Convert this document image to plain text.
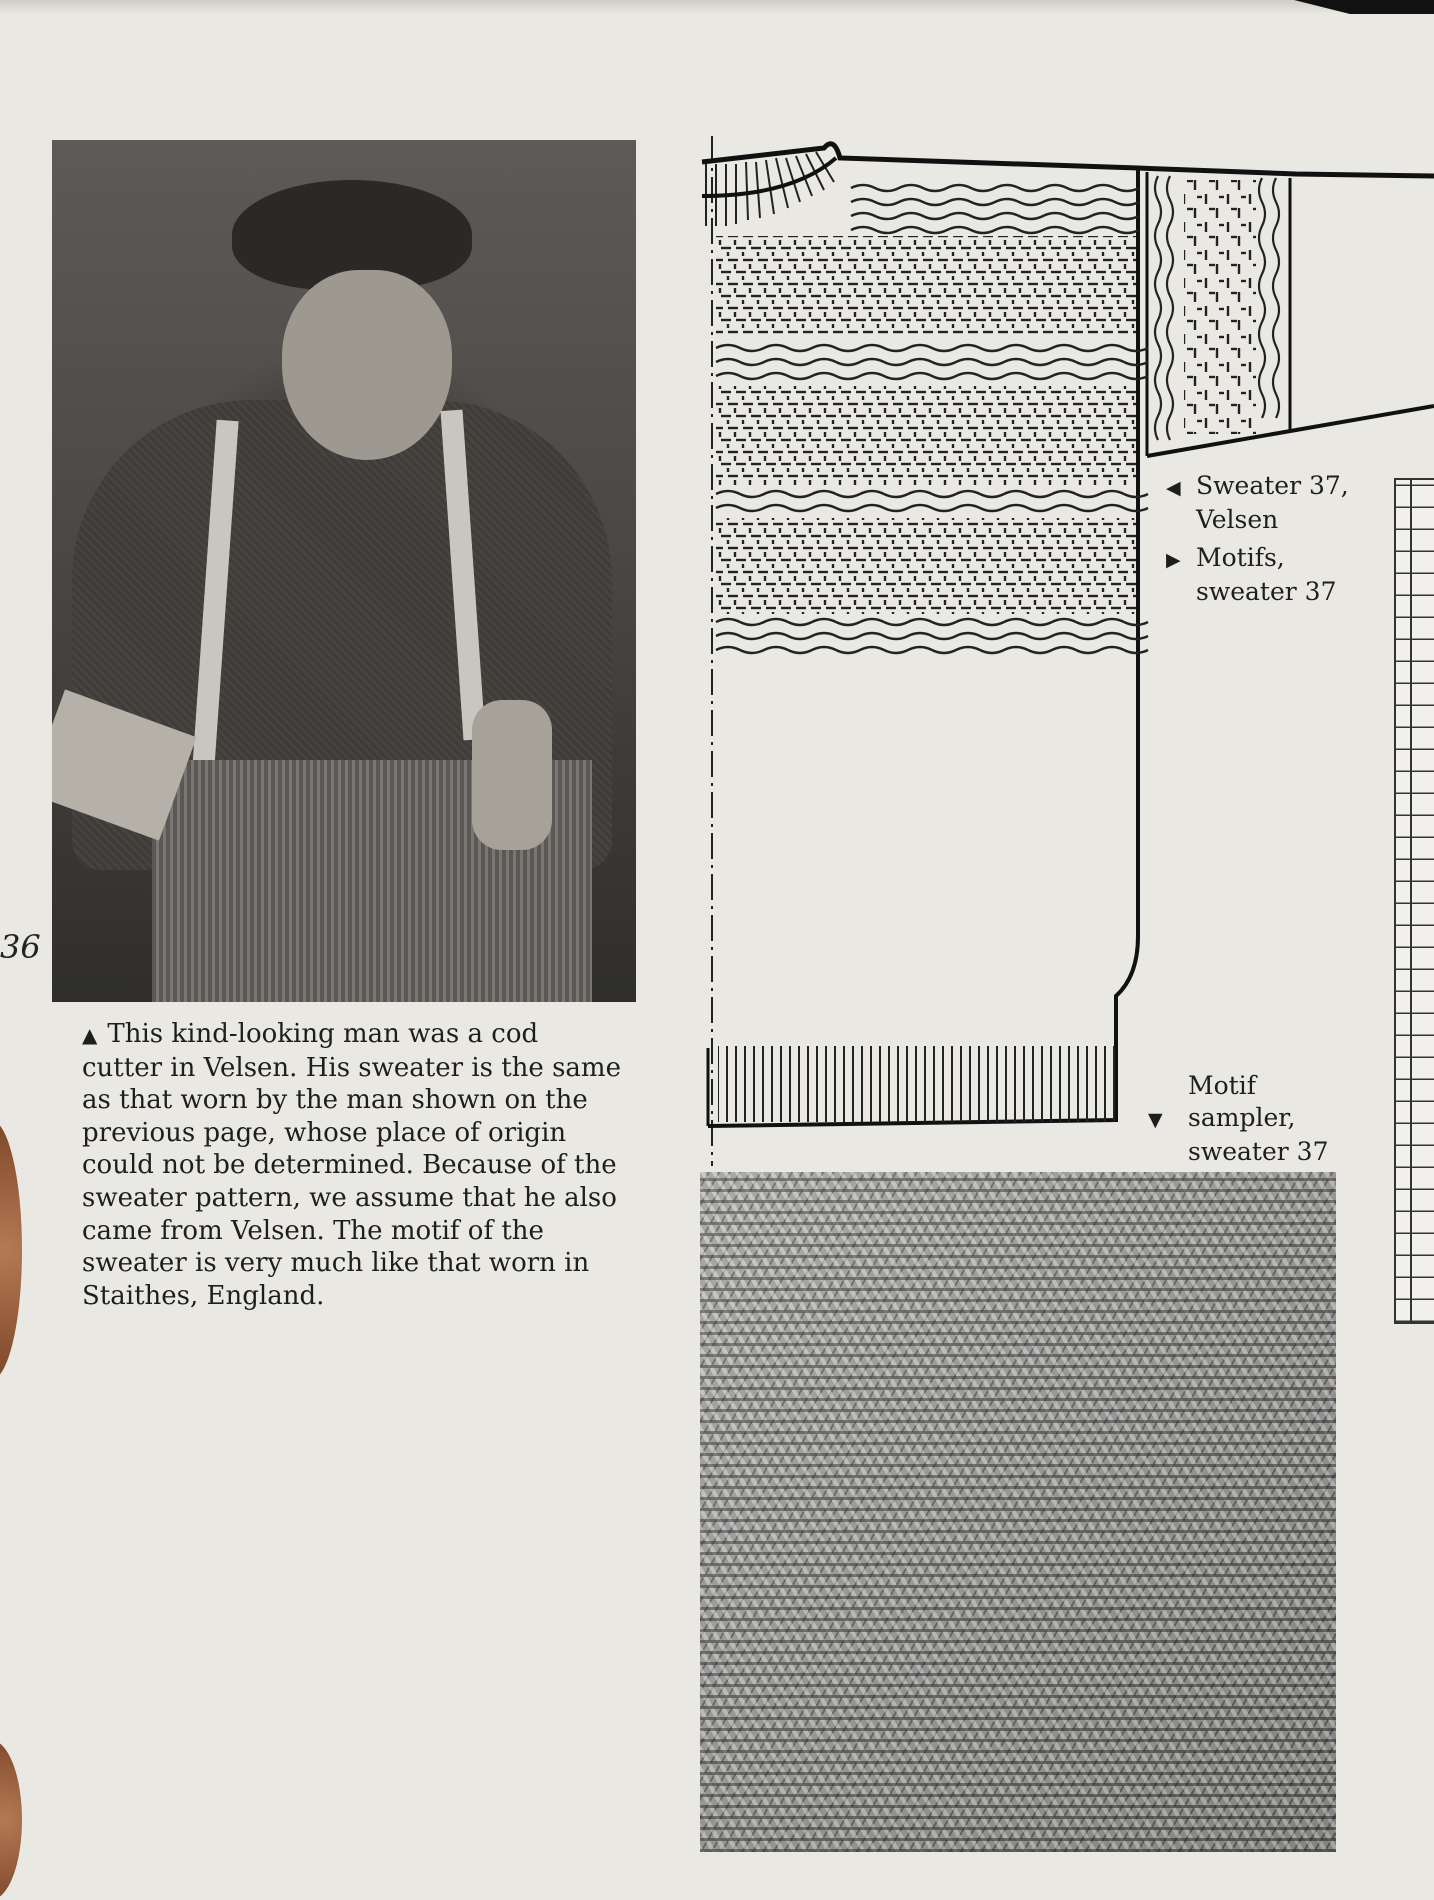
36
▲ This kind-looking man was a cod
cutter in Velsen. His sweater is the same
as that worn by the man shown on the
previous page, whose place of origin
could not be determined. Because of the
sweater pattern, we assume that he also
came from Velsen. The motif of the
sweater is very much like that worn in
Staithes, England.
◀ Sweater 37,
Velsen
▶ Motifs,
sweater 37
Motif
▼ sampler,
sweater 37
